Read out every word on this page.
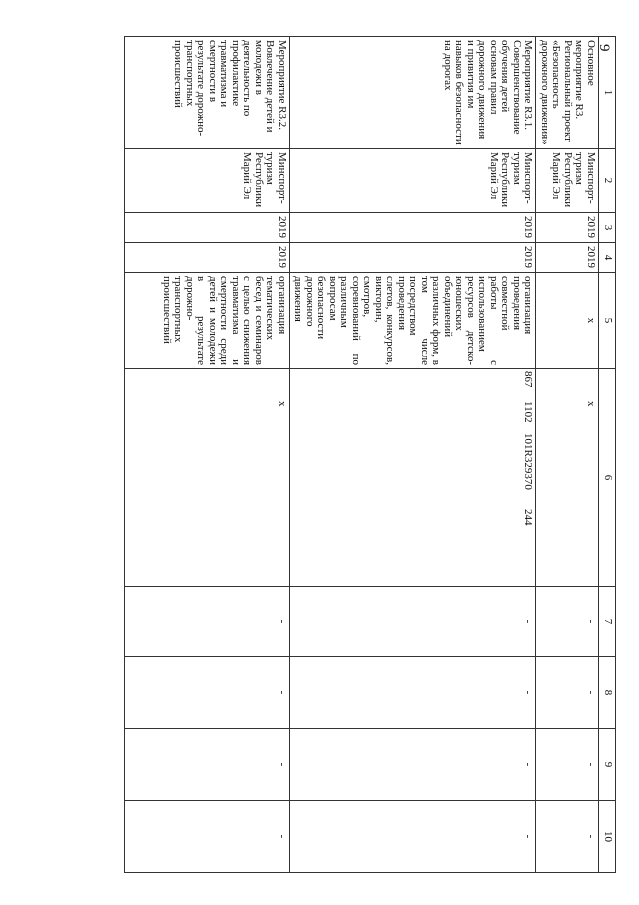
9
1	2	3	4	5	6	7	8	9	10
Основное мероприятие R3. Региональный проект «Безопасность дорожного движения»	Минспорт-туризм Республики Марий Эл	2019	2019	x	x	-	-	-	-
Мероприятие R3.1. Совершенствование обучения детей основам правил дорожного движения и привития им навыков безопасности на дорогах	Минспорт-туризм Республики Марий Эл	2019	2019	организация проведения совместной работы с использованием ресурсов детско-юношеских объединений различных форм, в том числе посредством проведения слетов, конкурсов, викторин, смотров, соревнований по различным вопросам безопасности дорожного движения	8671102101R329370244	-	-	-	-
Мероприятие R3.2. Вовлечение детей и молодежи в деятельность по профилактике травматизма и смертности в результате дорожно-транспортных происшествий	Минспорт-туризм Республики Марий Эл	2019	2019	организация тематических бесед и семинаров с целью снижения травматизма и смертности среди детей и молодежи в результате дорожно-транспортных происшествий	x	-	-	-	-
